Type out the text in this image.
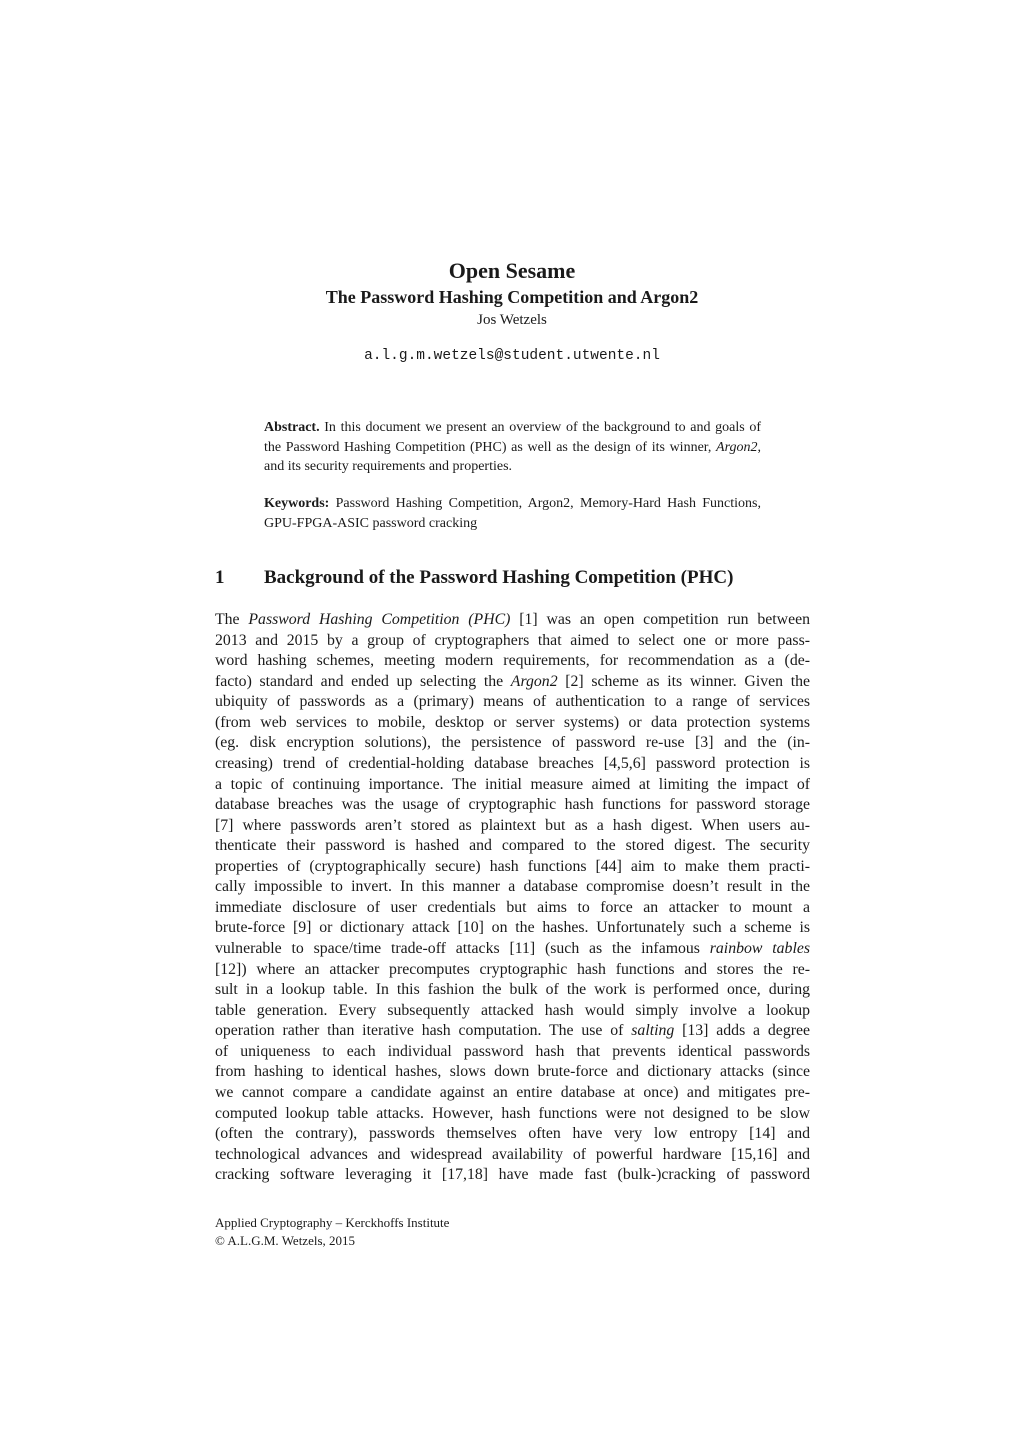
Open Sesame
The Password Hashing Competition and Argon2
Jos Wetzels
a.l.g.m.wetzels@student.utwente.nl
Abstract. In this document we present an overview of the background to and goals of the Password Hashing Competition (PHC) as well as the design of its winner, Argon2, and its security requirements and properties.
Keywords: Password Hashing Competition, Argon2, Memory-Hard Hash Functions, GPU-FPGA-ASIC password cracking
1 Background of the Password Hashing Competition (PHC)
The Password Hashing Competition (PHC) [1] was an open competition run between
2013 and 2015 by a group of cryptographers that aimed to select one or more pass-
word hashing schemes, meeting modern requirements, for recommendation as a (de-
facto) standard and ended up selecting the Argon2 [2] scheme as its winner. Given the
ubiquity of passwords as a (primary) means of authentication to a range of services
(from web services to mobile, desktop or server systems) or data protection systems
(eg. disk encryption solutions), the persistence of password re-use [3] and the (in-
creasing) trend of credential-holding database breaches [4,5,6] password protection is
a topic of continuing importance. The initial measure aimed at limiting the impact of
database breaches was the usage of cryptographic hash functions for password storage
[7] where passwords aren’t stored as plaintext but as a hash digest. When users au-
thenticate their password is hashed and compared to the stored digest. The security
properties of (cryptographically secure) hash functions [44] aim to make them practi-
cally impossible to invert. In this manner a database compromise doesn’t result in the
immediate disclosure of user credentials but aims to force an attacker to mount a
brute-force [9] or dictionary attack [10] on the hashes. Unfortunately such a scheme is
vulnerable to space/time trade-off attacks [11] (such as the infamous rainbow tables
[12]) where an attacker precomputes cryptographic hash functions and stores the re-
sult in a lookup table. In this fashion the bulk of the work is performed once, during
table generation. Every subsequently attacked hash would simply involve a lookup
operation rather than iterative hash computation. The use of salting [13] adds a degree
of uniqueness to each individual password hash that prevents identical passwords
from hashing to identical hashes, slows down brute-force and dictionary attacks (since
we cannot compare a candidate against an entire database at once) and mitigates pre-
computed lookup table attacks. However, hash functions were not designed to be slow
(often the contrary), passwords themselves often have very low entropy [14] and
technological advances and widespread availability of powerful hardware [15,16] and
cracking software leveraging it [17,18] have made fast (bulk-)cracking of password
Applied Cryptography – Kerckhoffs Institute
© A.L.G.M. Wetzels, 2015
